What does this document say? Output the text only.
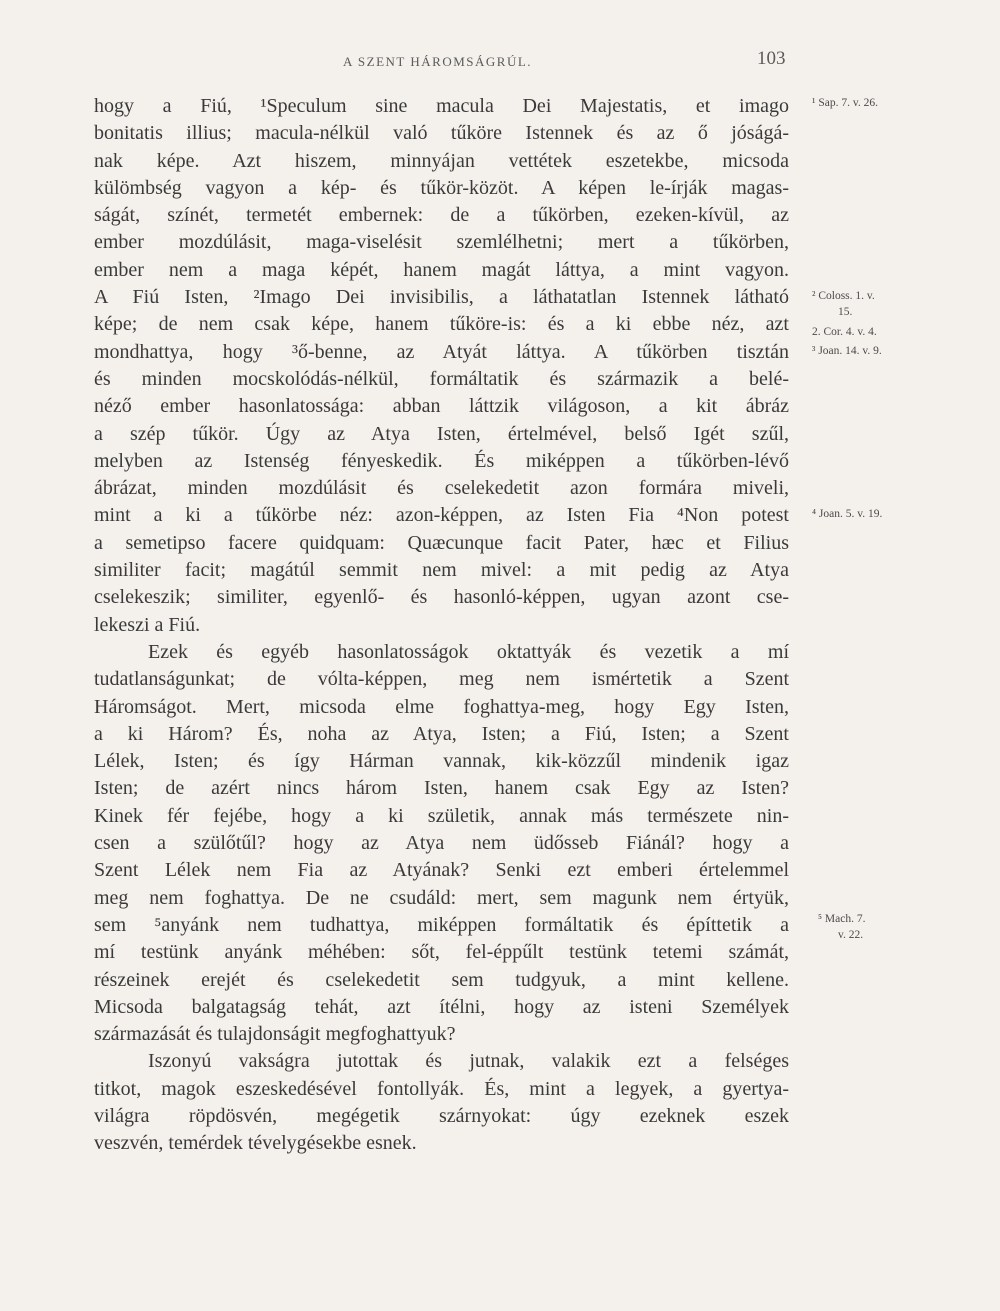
A SZENT HÁROMSÁGRÚL.	103
hogy a Fiú, ¹Speculum sine macula Dei Majestatis, et imago
bonitatis illius; macula-nélkül való tűköre Istennek és az ő jóságá-
nak képe. Azt hiszem, minnyájan vettétek eszetekbe, micsoda
külömbség vagyon a kép- és tűkör-közöt. A képen le-írják magas-
ságát, színét, termetét embernek: de a tűkörben, ezeken-kívül, az
ember mozdúlásit, maga-viselésit szemlélhetni; mert a tűkörben,
ember nem a maga képét, hanem magát láttya, a mint vagyon.
A Fiú Isten, ²Imago Dei invisibilis, a láthatatlan Istennek látható
képe; de nem csak képe, hanem tűköre-is: és a ki ebbe néz, azt
mondhattya, hogy ³ő-benne, az Atyát láttya. A tűkörben tisztán
és minden mocskolódás-nélkül, formáltatik és származik a belé-
néző ember hasonlatossága: abban láttzik világoson, a kit ábráz
a szép tűkör. Úgy az Atya Isten, értelmével, belső Igét szűl,
melyben az Istenség fényeskedik. És miképpen a tűkörben-lévő
ábrázat, minden mozdúlásit és cselekedetit azon formára miveli,
mint a ki a tűkörbe néz: azon-képpen, az Isten Fia ⁴Non potest
a semetipso facere quidquam: Quæcunque facit Pater, hæc et Filius
similiter facit; magátúl semmit nem mivel: a mit pedig az Atya
cselekeszik; similiter, egyenlő- és hasonló-képpen, ugyan azont cse-
lekeszi a Fiú.
Ezek és egyéb hasonlatosságok oktattyák és vezetik a mí
tudatlanságunkat; de vólta-képpen, meg nem ismértetik a Szent
Háromságot. Mert, micsoda elme foghattya-meg, hogy Egy Isten,
a ki Három? És, noha az Atya, Isten; a Fiú, Isten; a Szent
Lélek, Isten; és így Hárman vannak, kik-közzűl mindenik igaz
Isten; de azért nincs három Isten, hanem csak Egy az Isten?
Kinek fér fejébe, hogy a ki születik, annak más természete nin-
csen a szülőtűl? hogy az Atya nem üdősseb Fiánál? hogy a
Szent Lélek nem Fia az Atyának? Senki ezt emberi értelemmel
meg nem foghattya. De ne csudáld: mert, sem magunk nem értyük,
sem ⁵anyánk nem tudhattya, miképpen formáltatik és építtetik a
mí testünk anyánk méhében: sőt, fel-éppűlt testünk tetemi számát,
részeinek erejét és cselekedetit sem tudgyuk, a mint kellene.
Micsoda balgatagság tehát, azt ítélni, hogy az isteni Személyek
származását és tulajdonságit megfoghattyuk?
Iszonyú vakságra jutottak és jutnak, valakik ezt a felséges
titkot, magok eszeskedésével fontollyák. És, mint a legyek, a gyertya-
világra röpdösvén, megégetik szárnyokat: úgy ezeknek eszek
veszvén, temérdek tévelygésekbe esnek.
¹ Sap. 7. v. 26.
² Coloss. 1. v.
15.
2. Cor. 4. v. 4.
³ Joan. 14. v. 9.
⁴ Joan. 5. v. 19.
⁵ Mach. 7.
v. 22.
